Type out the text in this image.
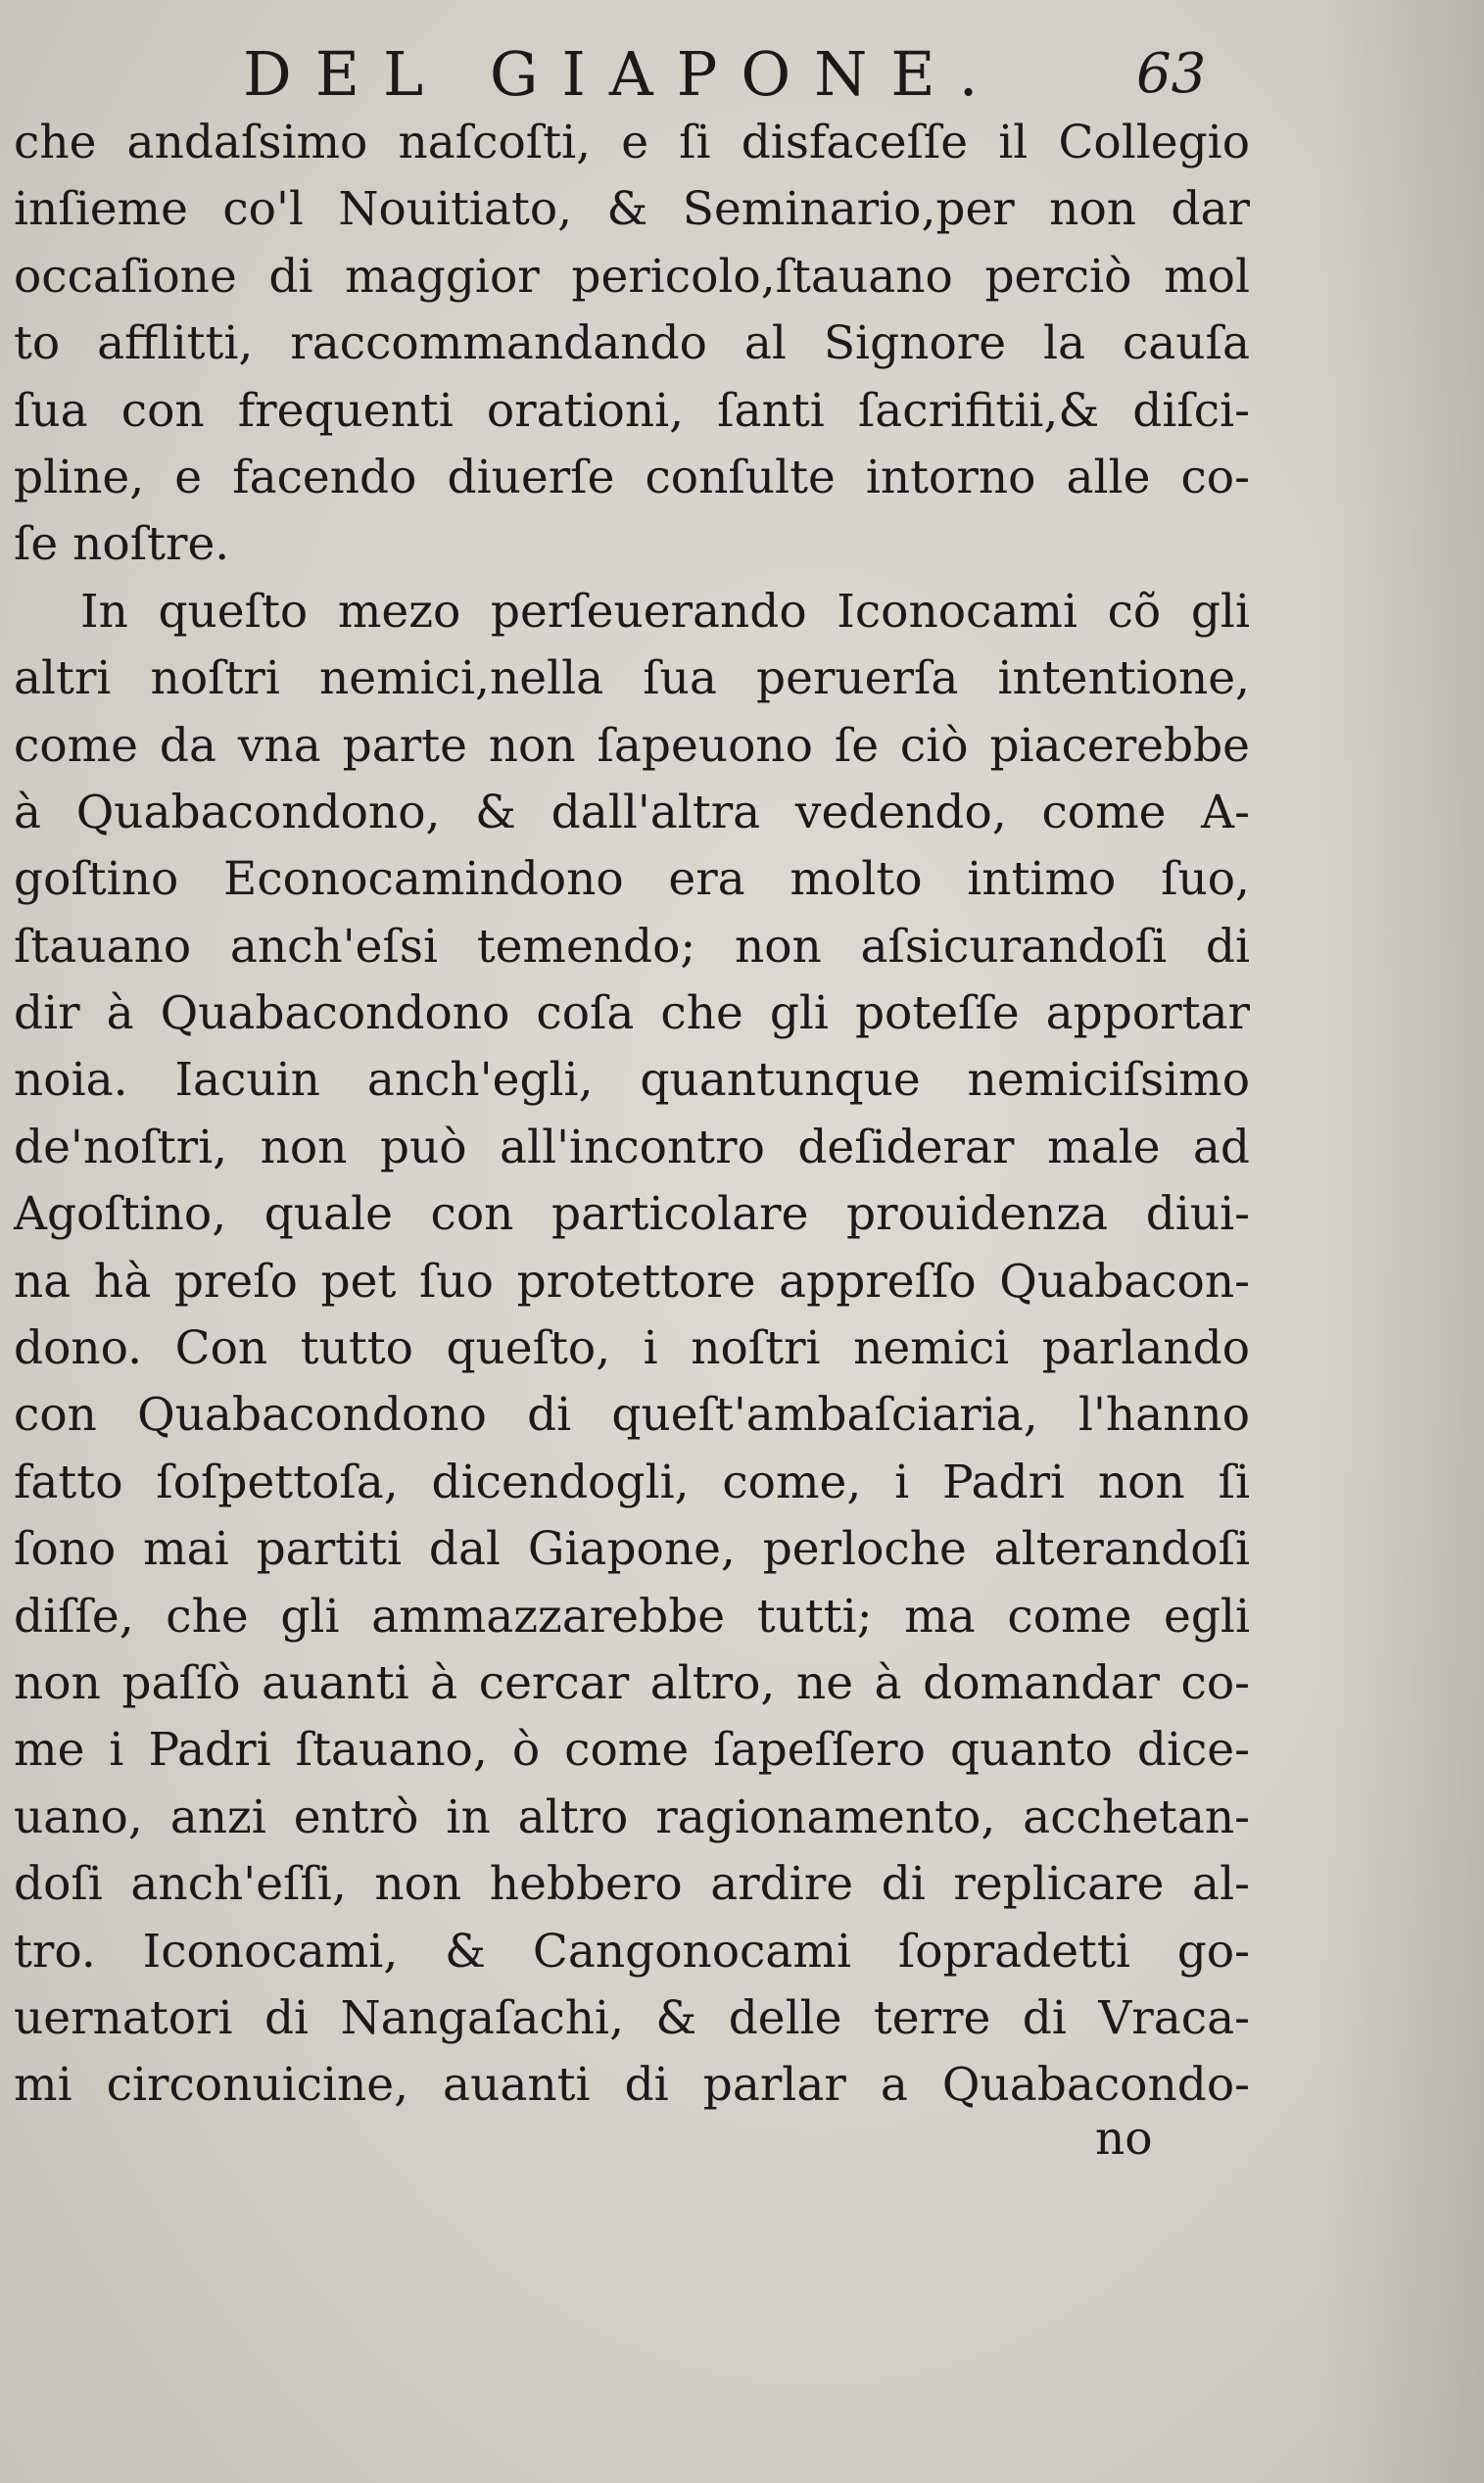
DEL GIAPONE. 63
che andaſsimo naſcoſti, e ſi disfaceſſe il Collegio
inſieme co'l Nouitiato, & Seminario,per non dar
occaſione di maggior pericolo,ſtauano perciò mol
to afflitti, raccommandando al Signore la cauſa
ſua con frequenti orationi, ſanti ſacrifitii,& diſci-
pline, e facendo diuerſe conſulte intorno alle co-
ſe noſtre.
In queſto mezo perſeuerando Iconocami cõ gli
altri noſtri nemici,nella ſua peruerſa intentione,
come da vna parte non ſapeuono ſe ciò piacerebbe
à Quabacondono, & dall'altra vedendo, come A-
goſtino Econocamindono era molto intimo ſuo,
ſtauano anch'eſsi temendo; non aſsicurandoſi di
dir à Quabacondono coſa che gli poteſſe apportar
noia. Iacuin anch'egli, quantunque nemiciſsimo
de'noſtri, non può all'incontro deſiderar male ad
Agoſtino, quale con particolare prouidenza diui-
na hà preſo pet ſuo protettore appreſſo Quabacon-
dono. Con tutto queſto, i noſtri nemici parlando
con Quabacondono di queſt'ambaſciaria, l'hanno
fatto ſoſpettoſa, dicendogli, come, i Padri non ſi
ſono mai partiti dal Giapone, perloche alterandoſi
diſſe, che gli ammazzarebbe tutti; ma come egli
non paſſò auanti à cercar altro, ne à domandar co-
me i Padri ſtauano, ò come ſapeſſero quanto dice-
uano, anzi entrò in altro ragionamento, acchetan-
doſi anch'eſſi, non hebbero ardire di replicare al-
tro. Iconocami, & Cangonocami ſopradetti go-
uernatori di Nangaſachi, & delle terre di Vraca-
mi circonuicine, auanti di parlar a Quabacondo-
no
